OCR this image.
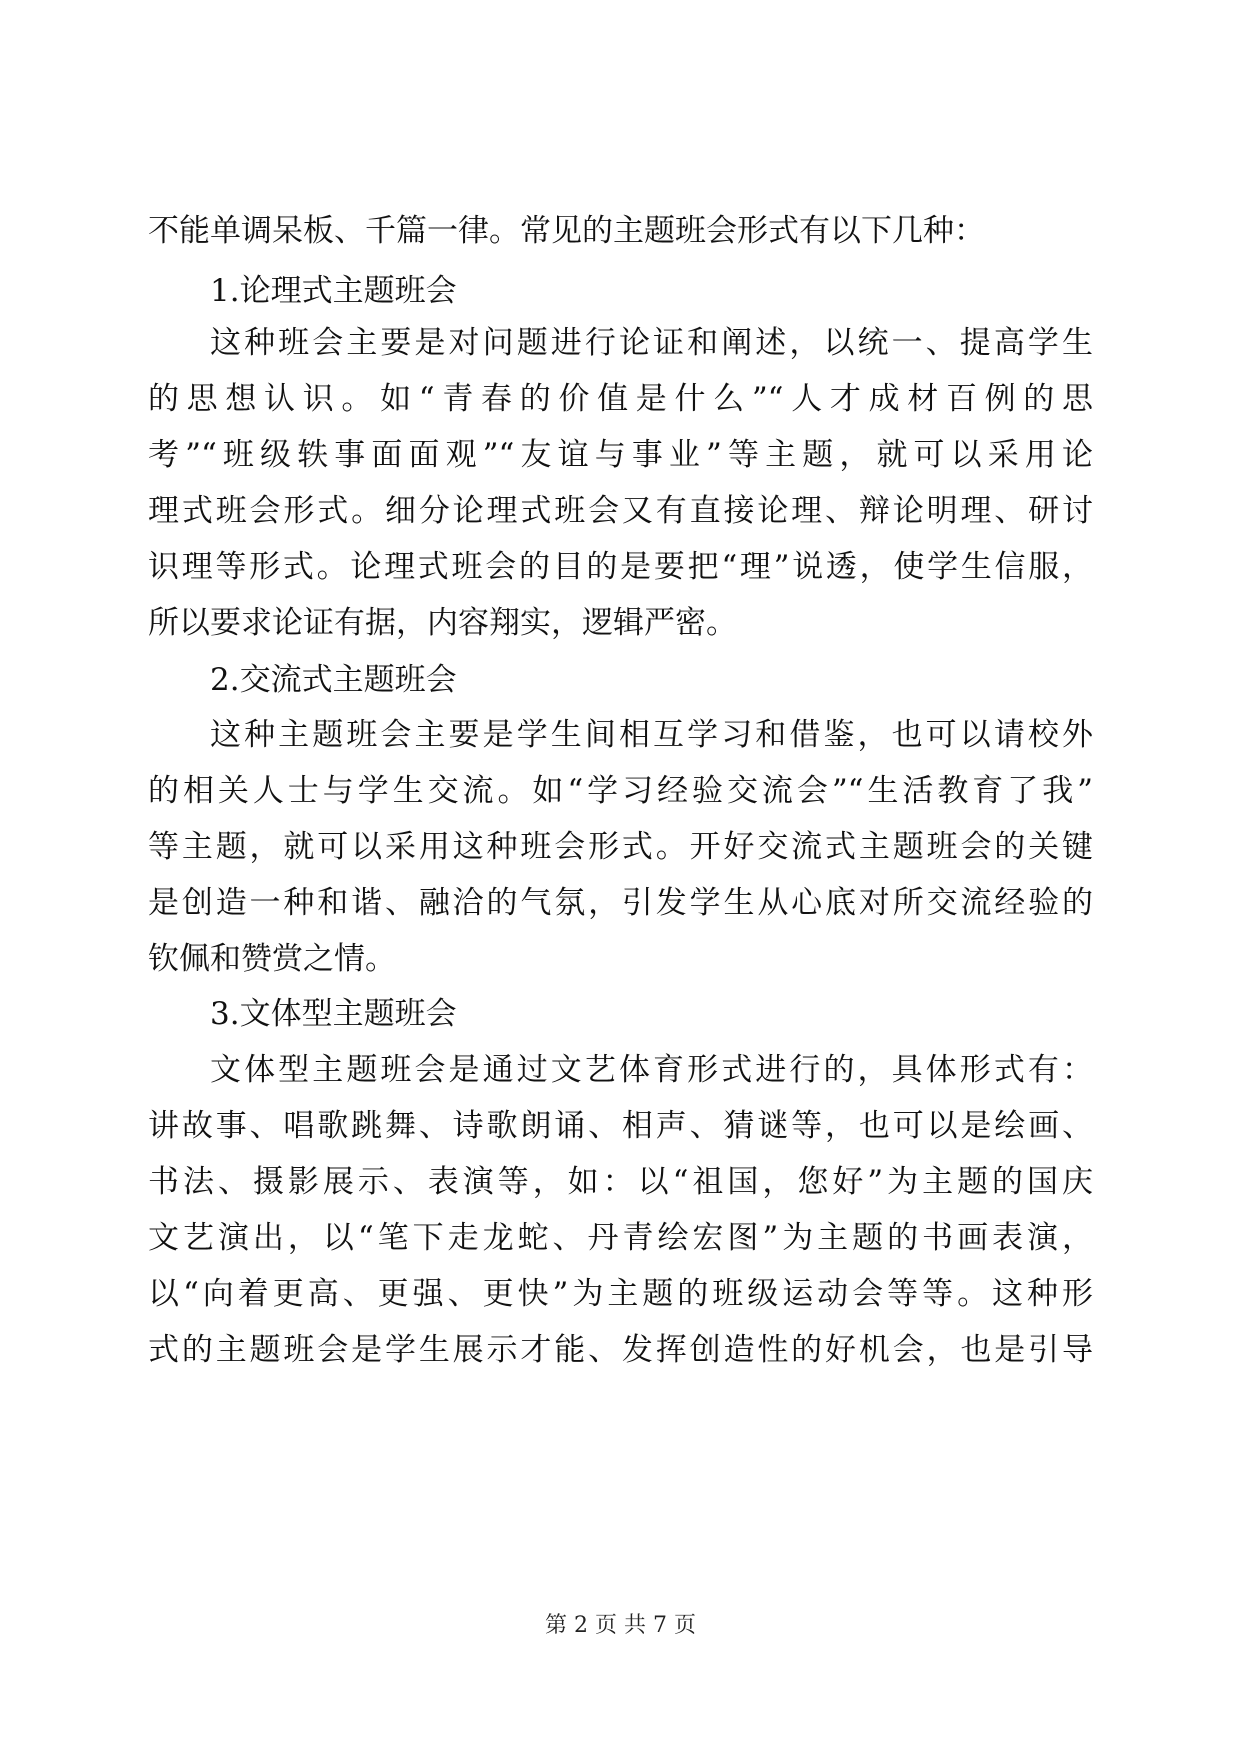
不能单调呆板、千篇一律。常见的主题班会形式有以下几种：
1.论理式主题班会
这种班会主要是对问题进行论证和阐述，以统一、提高学生
的思想认识。如“青春的价值是什么”“人才成材百例的思
考”“班级轶事面面观”“友谊与事业”等主题，就可以采用论
理式班会形式。细分论理式班会又有直接论理、辩论明理、研讨
识理等形式。论理式班会的目的是要把“理”说透，使学生信服，
所以要求论证有据，内容翔实，逻辑严密。
2.交流式主题班会
这种主题班会主要是学生间相互学习和借鉴，也可以请校外
的相关人士与学生交流。如“学习经验交流会”“生活教育了我”
等主题，就可以采用这种班会形式。开好交流式主题班会的关键
是创造一种和谐、融洽的气氛，引发学生从心底对所交流经验的
钦佩和赞赏之情。
3.文体型主题班会
文体型主题班会是通过文艺体育形式进行的，具体形式有：
讲故事、唱歌跳舞、诗歌朗诵、相声、猜谜等，也可以是绘画、
书法、摄影展示、表演等，如：以“祖国，您好”为主题的国庆
文艺演出，以“笔下走龙蛇、丹青绘宏图”为主题的书画表演，
以“向着更高、更强、更快”为主题的班级运动会等等。这种形
式的主题班会是学生展示才能、发挥创造性的好机会，也是引导
第 2 页 共 7 页
